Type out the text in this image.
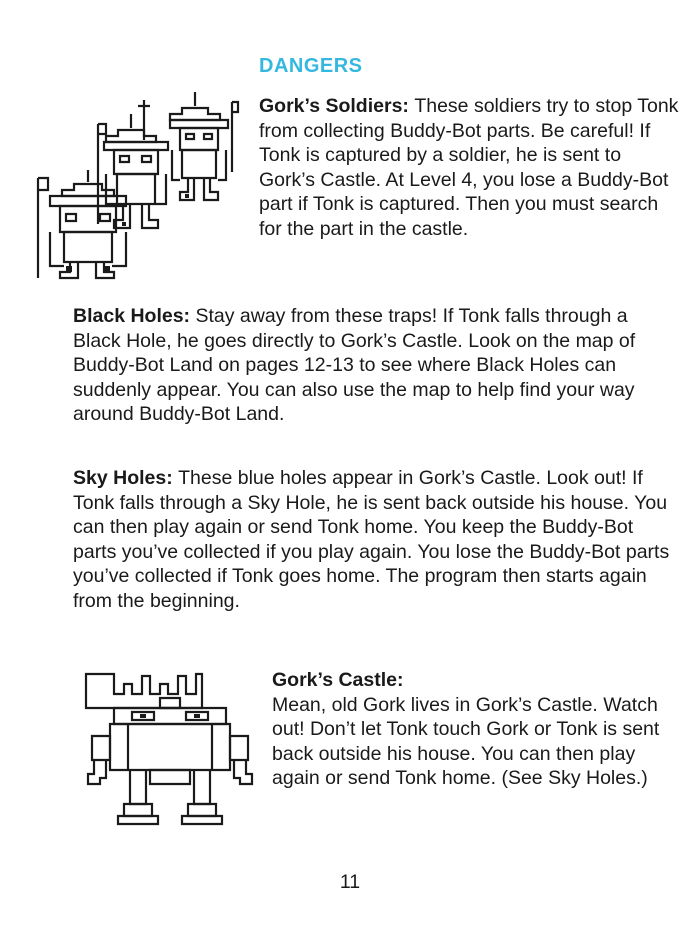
DANGERS
Gork’s Soldiers: These soldiers try to stop Tonk from collecting Buddy-Bot parts. Be careful! If Tonk is captured by a soldier, he is sent to Gork’s Castle. At Level 4, you lose a Buddy-Bot part if Tonk is captured. Then you must search for the part in the castle.
Black Holes: Stay away from these traps! If Tonk falls through a Black Hole, he goes directly to Gork’s Castle. Look on the map of Buddy-Bot Land on pages 12-13 to see where Black Holes can suddenly appear. You can also use the map to help find your way around Buddy-Bot Land.
Sky Holes: These blue holes appear in Gork’s Castle. Look out! If Tonk falls through a Sky Hole, he is sent back outside his house. You can then play again or send Tonk home. You keep the Buddy-Bot parts you’ve collected if you play again. You lose the Buddy-Bot parts you’ve collected if Tonk goes home. The program then starts again from the beginning.
Gork’s Castle:
Mean, old Gork lives in Gork’s Castle. Watch out! Don’t let Tonk touch Gork or Tonk is sent back outside his house. You can then play again or send Tonk home. (See Sky Holes.)
11
